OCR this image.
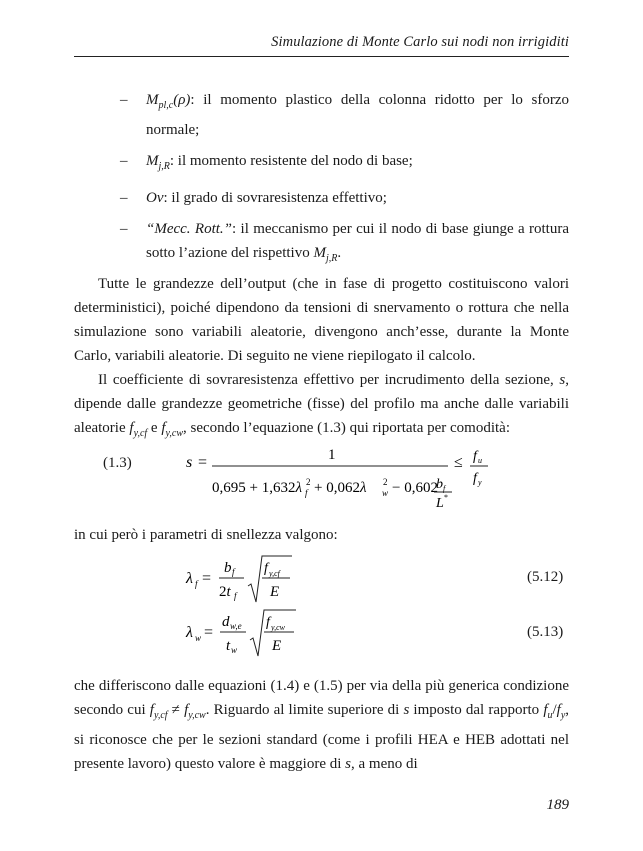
Simulazione di Monte Carlo sui nodi non irrigiditi
– $M_{pl,c}(\rho)$: il momento plastico della colonna ridotto per lo sforzo normale;
– $M_{j,R}$: il momento resistente del nodo di base;
– Ov: il grado di sovraresistenza effettivo;
– “Mecc. Rott.”: il meccanismo per cui il nodo di base giunge a rottura sotto l’azione del rispettivo $M_{j,R}$.
Tutte le grandezze dell’output (che in fase di progetto costituiscono valori deterministici), poiché dipendono da tensioni di snervamento o rottura che nella simulazione sono variabili aleatorie, divengono anch’esse, durante la Monte Carlo, variabili aleatorie. Di seguito ne viene riepilogato il calcolo.
Il coefficiente di sovraresistenza effettivo per incrudimento della sezione, s, dipende dalle grandezze geometriche (fisse) del profilo ma anche dalle variabili aleatorie $f_{y,cf}$ e $f_{y,cw}$, secondo l’equazione (1.3) qui riportata per comodità:
(1.3)	s =	1
0,695 + 1,632λ 2
f + 0,062λ 2
w − 0,602
b f
L *
≤ f u
f y
in cui però i parametri di snellezza valgono:
λ f =
b f
2t f
f y,cf
E
(5.12)
λ w =
d w,e
t w
f y,cw
E
(5.13)
che differiscono dalle equazioni (1.4) e (1.5) per via della più generica condizione secondo cui $f_{y,cf} \ne f_{y,cw}$. Riguardo al limite superiore di s imposto dal rapporto $f_u/f_y$, si riconosce che per le sezioni standard (come i profili HEA e HEB adottati nel presente lavoro) questo valore è maggiore di s, a meno di
189
